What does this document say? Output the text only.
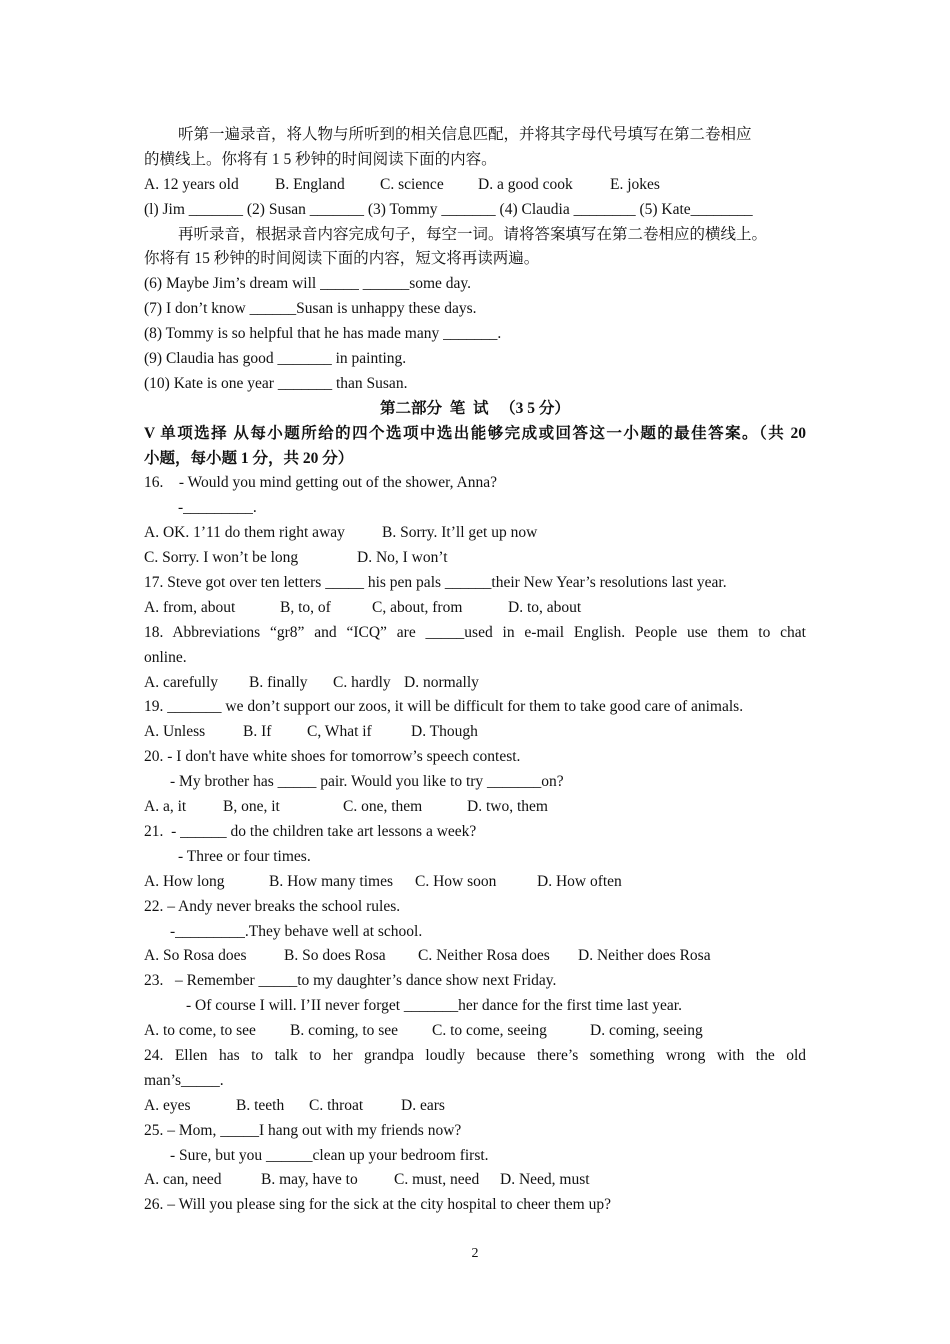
听第一遍录音，将人物与所听到的相关信息匹配，并将其字母代号填写在第二卷相应
的横线上。你将有 1 5 秒钟的时间阅读下面的内容。
A. 12 years old B. England C. science D. a good cook E. jokes
(l) Jim _______ (2) Susan _______ (3) Tommy _______ (4) Claudia ________ (5) Kate________
再听录音，根据录音内容完成句子，每空一词。请将答案填写在第二卷相应的横线上。
你将有 15 秒钟的时间阅读下面的内容，短文将再读两遍。
(6) Maybe Jim’s dream will _____ ______some day.
(7) I don’t know ______Susan is unhappy these days.
(8) Tommy is so helpful that he has made many _______.
(9) Claudia has good _______ in painting.
(10) Kate is one year _______ than Susan.
第二部分  笔  试   （3 5 分）
V 单项选择 从每小题所给的四个选项中选出能够完成或回答这一小题的最佳答案。（共 20
小题，每小题 1 分，共 20 分）
16.    - Would you mind getting out of the shower, Anna?
-_________.
A. OK. 1’11 do them right away B. Sorry. It’ll get up now
C. Sorry. I won’t be long	D. No, I won’t
17. Steve got over ten letters _____ his pen pals ______their New Year’s resolutions last year.
A. from, about	B, to, of	C, about, from	D. to, about
18. Abbreviations “gr8” and “ICQ” are _____used in e-mail English. People use them to chat
online.
A. carefully B. finally C. hardly D. normally
19. _______ we don’t support our zoos, it will be difficult for them to take good care of animals.
A. Unless B. If C, What if	D. Though
20. - I don't have white shoes for tomorrow’s speech contest.
- My brother has _____ pair. Would you like to try _______on?
A. a, it B, one, it	C. one, them	D. two, them
21.  - ______ do the children take art lessons a week?
- Three or four times.
A. How long	B. How many times C. How soon	D. How often
22. – Andy never breaks the school rules.
-_________.They behave well at school.
A. So Rosa does B. So does Rosa C. Neither Rosa does D. Neither does Rosa
23.   – Remember _____to my daughter’s dance show next Friday.
- Of course I will. I’II never forget _______her dance for the first time last year.
A. to come, to see B. coming, to see C. to come, seeing	D. coming, seeing
24. Ellen has to talk to her grandpa loudly because there’s something wrong with the old
man’s_____.
A. eyes	B. teeth C. throat D. ears
25. – Mom, _____I hang out with my friends now?
- Sure, but you ______clean up your bedroom first.
A. can, need	B. may, have to C. must, need D. Need, must
26. – Will you please sing for the sick at the city hospital to cheer them up?
2
